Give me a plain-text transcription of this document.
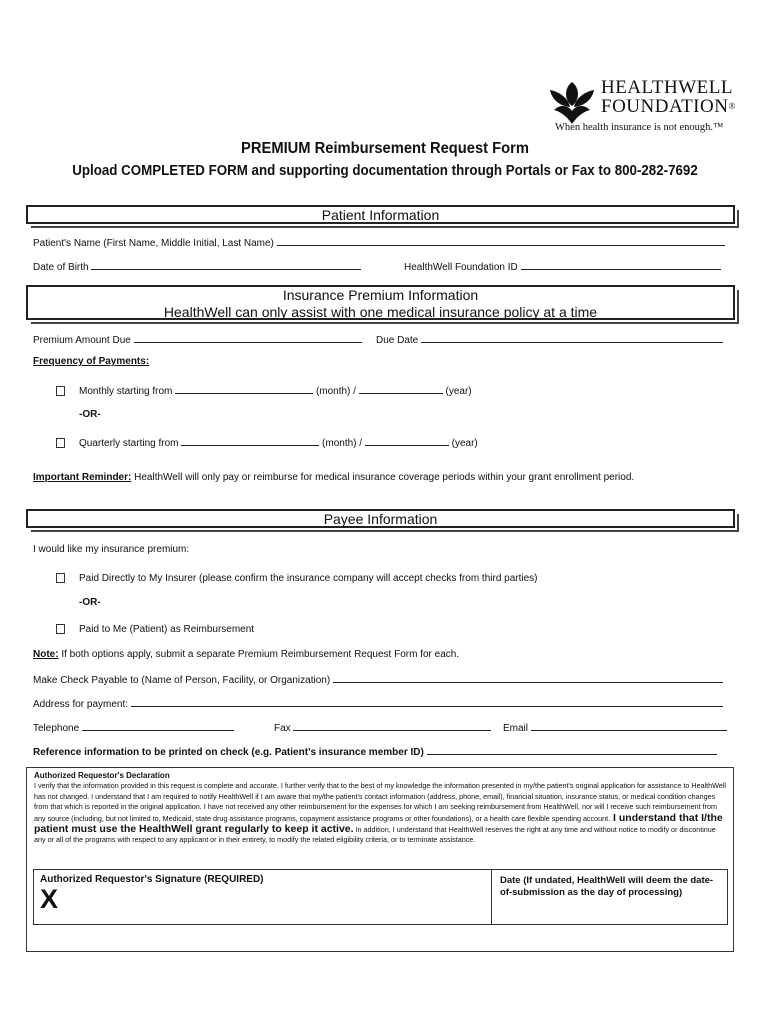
HEALTHWELL
FOUNDATION®
When health insurance is not enough.™
PREMIUM Reimbursement Request Form
Upload COMPLETED FORM and supporting documentation through Portals or Fax to 800-282-7692
Patient Information
Patient's Name (First Name, Middle Initial, Last Name)
Date of Birth	HealthWell Foundation ID
Insurance Premium Information
HealthWell can only assist with one medical insurance policy at a time
Premium Amount Due	Due Date
Frequency of Payments:
Monthly starting from	(month) /	(year)
-OR-
Quarterly starting from	(month) /	(year)
Important Reminder: HealthWell will only pay or reimburse for medical insurance coverage periods within your grant enrollment period.
Payee Information
I would like my insurance premium:
Paid Directly to My Insurer (please confirm the insurance company will accept checks from third parties)
-OR-
Paid to Me (Patient) as Reimbursement
Note: If both options apply, submit a separate Premium Reimbursement Request Form for each.
Make Check Payable to (Name of Person, Facility, or Organization)
Address for payment:
Telephone	Fax	Email
Reference information to be printed on check (e.g. Patient’s insurance member ID)
Authorized Requestor's Declaration
I verify that the information provided in this request is complete and accurate. I further verify that to the best of my knowledge the information presented in my/the patient's original application for assistance to HealthWell has not changed. I understand that I am required to notify HealthWell if I am aware that my/the patient's contact information (address, phone, email), financial situation, insurance status, or medical condition changes from that which is reported in the original application. I have not received any other reimbursement for the expenses for which I am seeking reimbursement from HealthWell, nor will I receive such reimbursement from any source (including, but not limited to, Medicaid, state drug assistance programs, copayment assistance programs or other foundations), or a health care flexible spending account. I understand that I/the patient must use the HealthWell grant regularly to keep it active. In addition, I understand that HealthWell reserves the right at any time and without notice to modify or discontinue any or all of the programs with respect to any applicant or in their entirety, to modify the related eligibility criteria, or to terminate assistance.
Authorized Requestor's Signature (REQUIRED)
X
Date (If undated, HealthWell will deem the date-of-submission as the day of processing)
